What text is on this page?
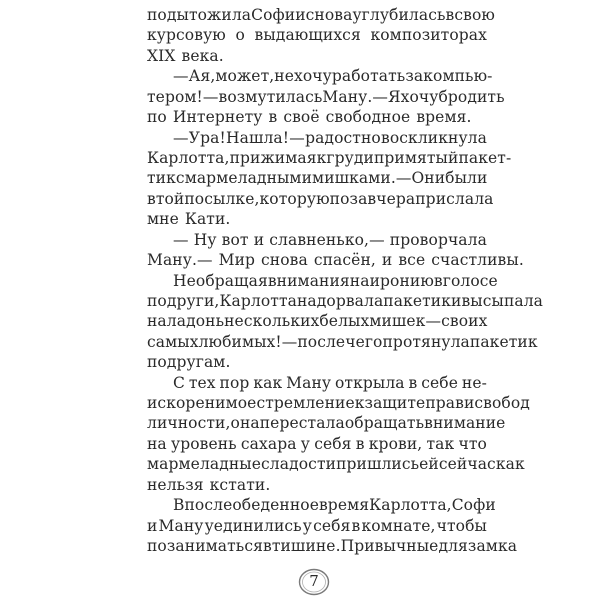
подытожила Софи и снова углубилась в свою
курсовую о выдающихся композиторах
XIX века.
— А я, может, не хочу работать за компью-
тером! — возмутилась Ману.— Я хочу бродить
по Интернету в своё свободное время.
— Ура! Нашла! — радостно воскликнула
Карлотта, прижимая к груди примятый пакет-
тик с мармеладными мишками.— Они были
в той посылке, которую позавчера прислала
мне Кати.
— Ну вот и славненько,— проворчала
Ману.— Мир снова спасён, и все счастливы.
Не обращая внимания на иронию в голосе
подруги, Карлотта надорвала пакетик и высыпала
на ладонь нескольких белых мишек — своих
самых любимых! — после чего протянула пакетик
подругам.
С тех пор как Ману открыла в себе не-
искоренимое стремление к защите прав и свобод
личности, она перестала обращать внимание
на уровень сахара у себя в крови, так что
мармеладные сладости пришлись ей сейчас как
нельзя кстати.
В послеобеденное время Карлотта, Софи
и Ману уединились у себя в комнате, чтобы
позаниматься в тишине. Привычные для замка
7
